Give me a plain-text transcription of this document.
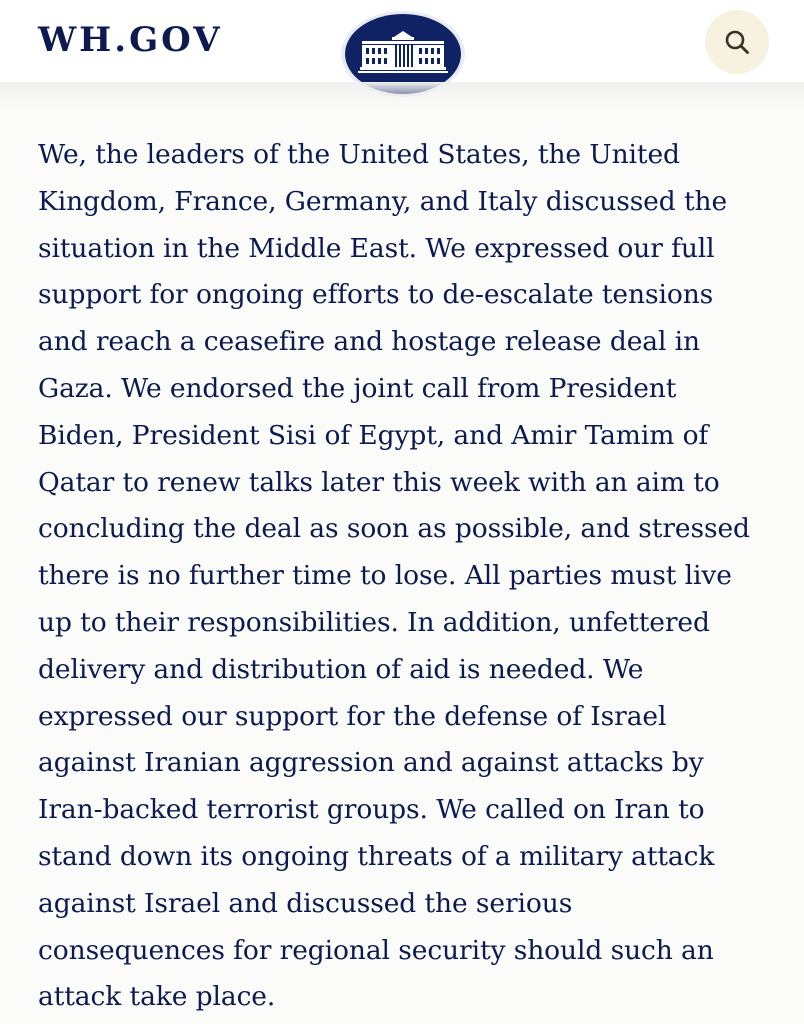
WH.GOV

We, the leaders of the United States, the United
Kingdom, France, Germany, and Italy discussed the
situation in the Middle East. We expressed our full
support for ongoing efforts to de-escalate tensions
and reach a ceasefire and hostage release deal in
Gaza. We endorsed the joint call from President
Biden, President Sisi of Egypt, and Amir Tamim of
Qatar to renew talks later this week with an aim to
concluding the deal as soon as possible, and stressed
there is no further time to lose. All parties must live
up to their responsibilities. In addition, unfettered
delivery and distribution of aid is needed. We
expressed our support for the defense of Israel
against Iranian aggression and against attacks by
Iran-backed terrorist groups. We called on Iran to
stand down its ongoing threats of a military attack
against Israel and discussed the serious
consequences for regional security should such an
attack take place.
